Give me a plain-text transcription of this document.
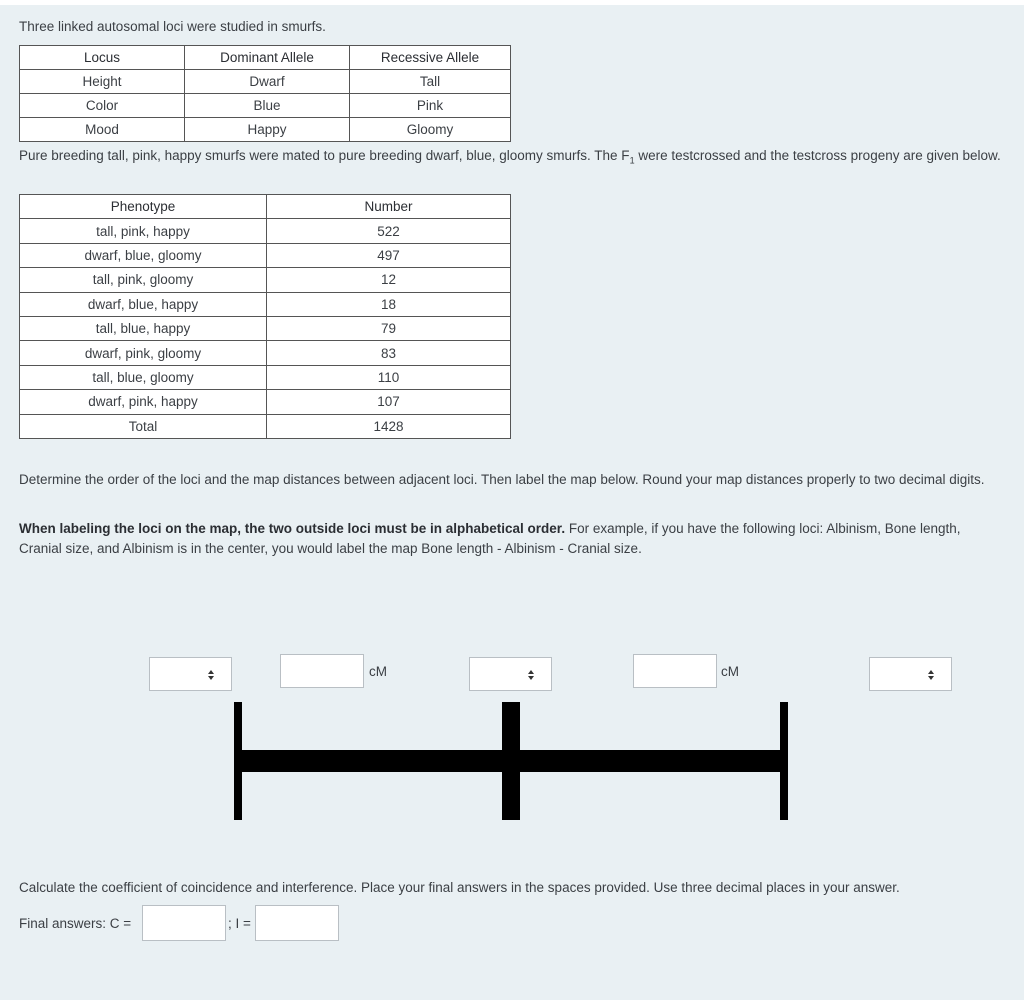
Three linked autosomal loci were studied in smurfs.
Locus	Dominant Allele	Recessive Allele
Height	Dwarf	Tall
Color	Blue	Pink
Mood	Happy	Gloomy
Pure breeding tall, pink, happy smurfs were mated to pure breeding dwarf, blue, gloomy smurfs. The $F_1$ were testcrossed and the testcross progeny are given below.
Phenotype	Number
tall, pink, happy	522
dwarf, blue, gloomy	497
tall, pink, gloomy	12
dwarf, blue, happy	18
tall, blue, happy	79
dwarf, pink, gloomy	83
tall, blue, gloomy	110
dwarf, pink, happy	107
Total	1428
Determine the order of the loci and the map distances between adjacent loci. Then label the map below. Round your map distances properly to two decimal digits.
When labeling the loci on the map, the two outside loci must be in alphabetical order. For example, if you have the following loci: Albinism, Bone length, Cranial size, and Albinism is in the center, you would label the map Bone length - Albinism - Cranial size.
cM	cM
Calculate the coefficient of coincidence and interference. Place your final answers in the spaces provided. Use three decimal places in your answer.
Final answers: C =	; I =
